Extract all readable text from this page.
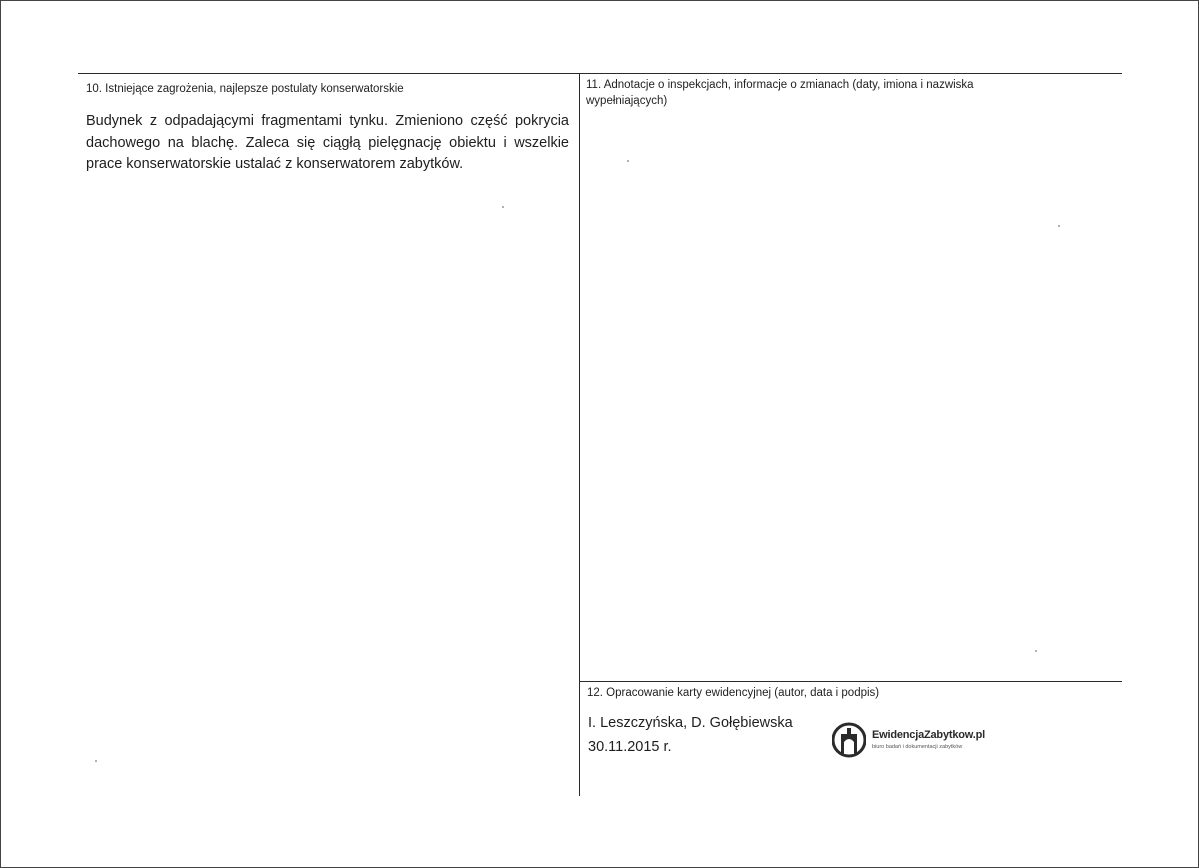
10. Istniejące zagrożenia, najlepsze postulaty konserwatorskie
Budynek z odpadającymi fragmentami tynku. Zmieniono część pokrycia dachowego na blachę. Zaleca się ciągłą pielęgnację obiektu i wszelkie prace konserwatorskie ustalać z konserwatorem zabytków.
11. Adnotacje o inspekcjach, informacje o zmianach (daty, imiona i nazwiska wypełniających)
12. Opracowanie karty ewidencyjnej (autor, data i podpis)
I. Leszczyńska, D. Gołębiewska
30.11.2015 r.
EwidencjaZabytkow.pl
biuro badań i dokumentacji zabytków
